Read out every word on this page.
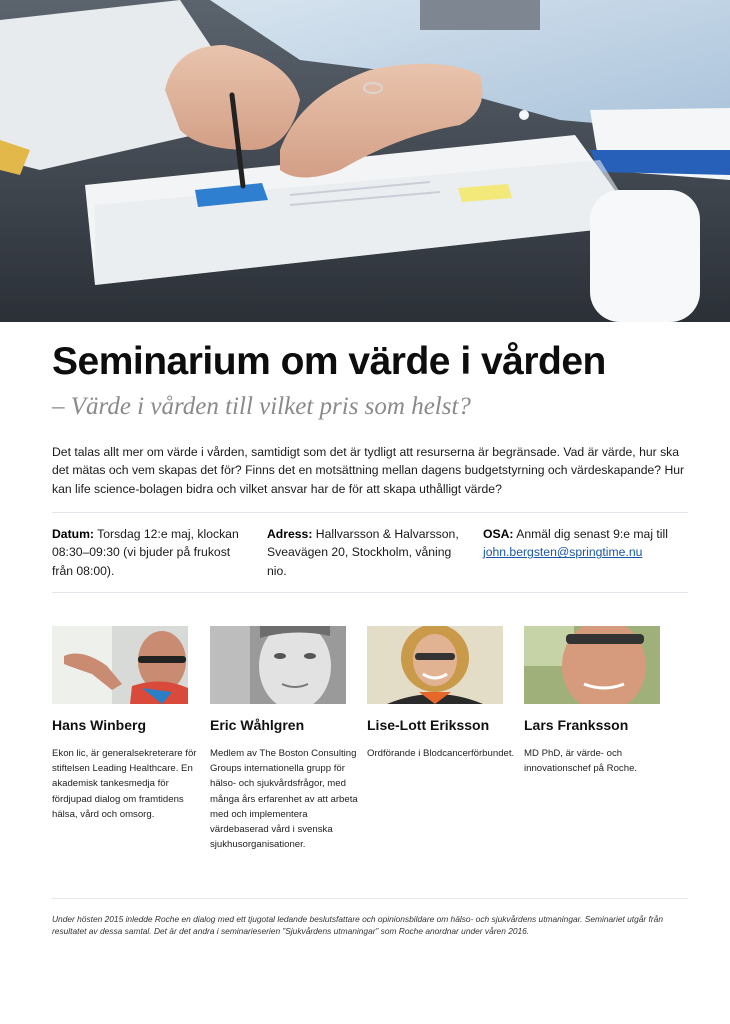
Seminarium om värde i vården
– Värde i vården till vilket pris som helst?
Det talas allt mer om värde i vården, samtidigt som det är tydligt att resurserna är begränsade. Vad är värde, hur ska det mätas och vem skapas det för? Finns det en motsättning mellan dagens budgetstyrning och värdeskapande? Hur kan life science-bolagen bidra och vilket ansvar har de för att skapa uthålligt värde?
Datum: Torsdag 12:e maj, klockan 08:30–09:30 (vi bjuder på frukost från 08:00).
Adress: Hallvarsson & Halvarsson, Sveavägen 20, Stockholm, våning nio.
OSA: Anmäl dig senast 9:e maj till john.bergsten@springtime.nu
Hans Winberg
Ekon lic, är generalsekreterare för stiftelsen Leading Healthcare. En akademisk tankesmedja för fördjupad dialog om framtidens hälsa, vård och omsorg.
Eric Wåhlgren
Medlem av The Boston Consulting Groups internationella grupp för hälso- och sjukvårdsfrågor, med många års erfarenhet av att arbeta med och implementera värdebaserad vård i svenska sjukhusorganisationer.
Lise-Lott Eriksson
Ordförande i Blodcancerförbundet.
Lars Franksson
MD PhD, är värde- och innovationschef på Roche.
Under hösten 2015 inledde Roche en dialog med ett tjugotal ledande beslutsfattare och opinionsbildare om hälso- och sjukvårdens utmaningar. Seminariet utgår från resultatet av dessa samtal. Det är det andra i seminarieserien ”Sjukvårdens utmaningar” som Roche anordnar under våren 2016.
